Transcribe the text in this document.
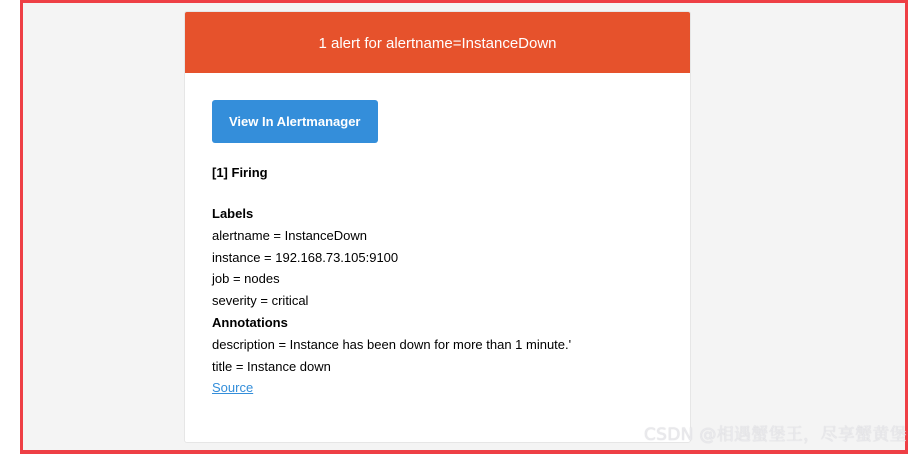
1 alert for alertname=InstanceDown
View In Alertmanager
[1] Firing
Labels
alertname = InstanceDown
instance = 192.168.73.105:9100
job = nodes
severity = critical
Annotations
description = Instance has been down for more than 1 minute.'
title = Instance down
Source
CSDN @相遇蟹堡王，尽享蟹黄堡
